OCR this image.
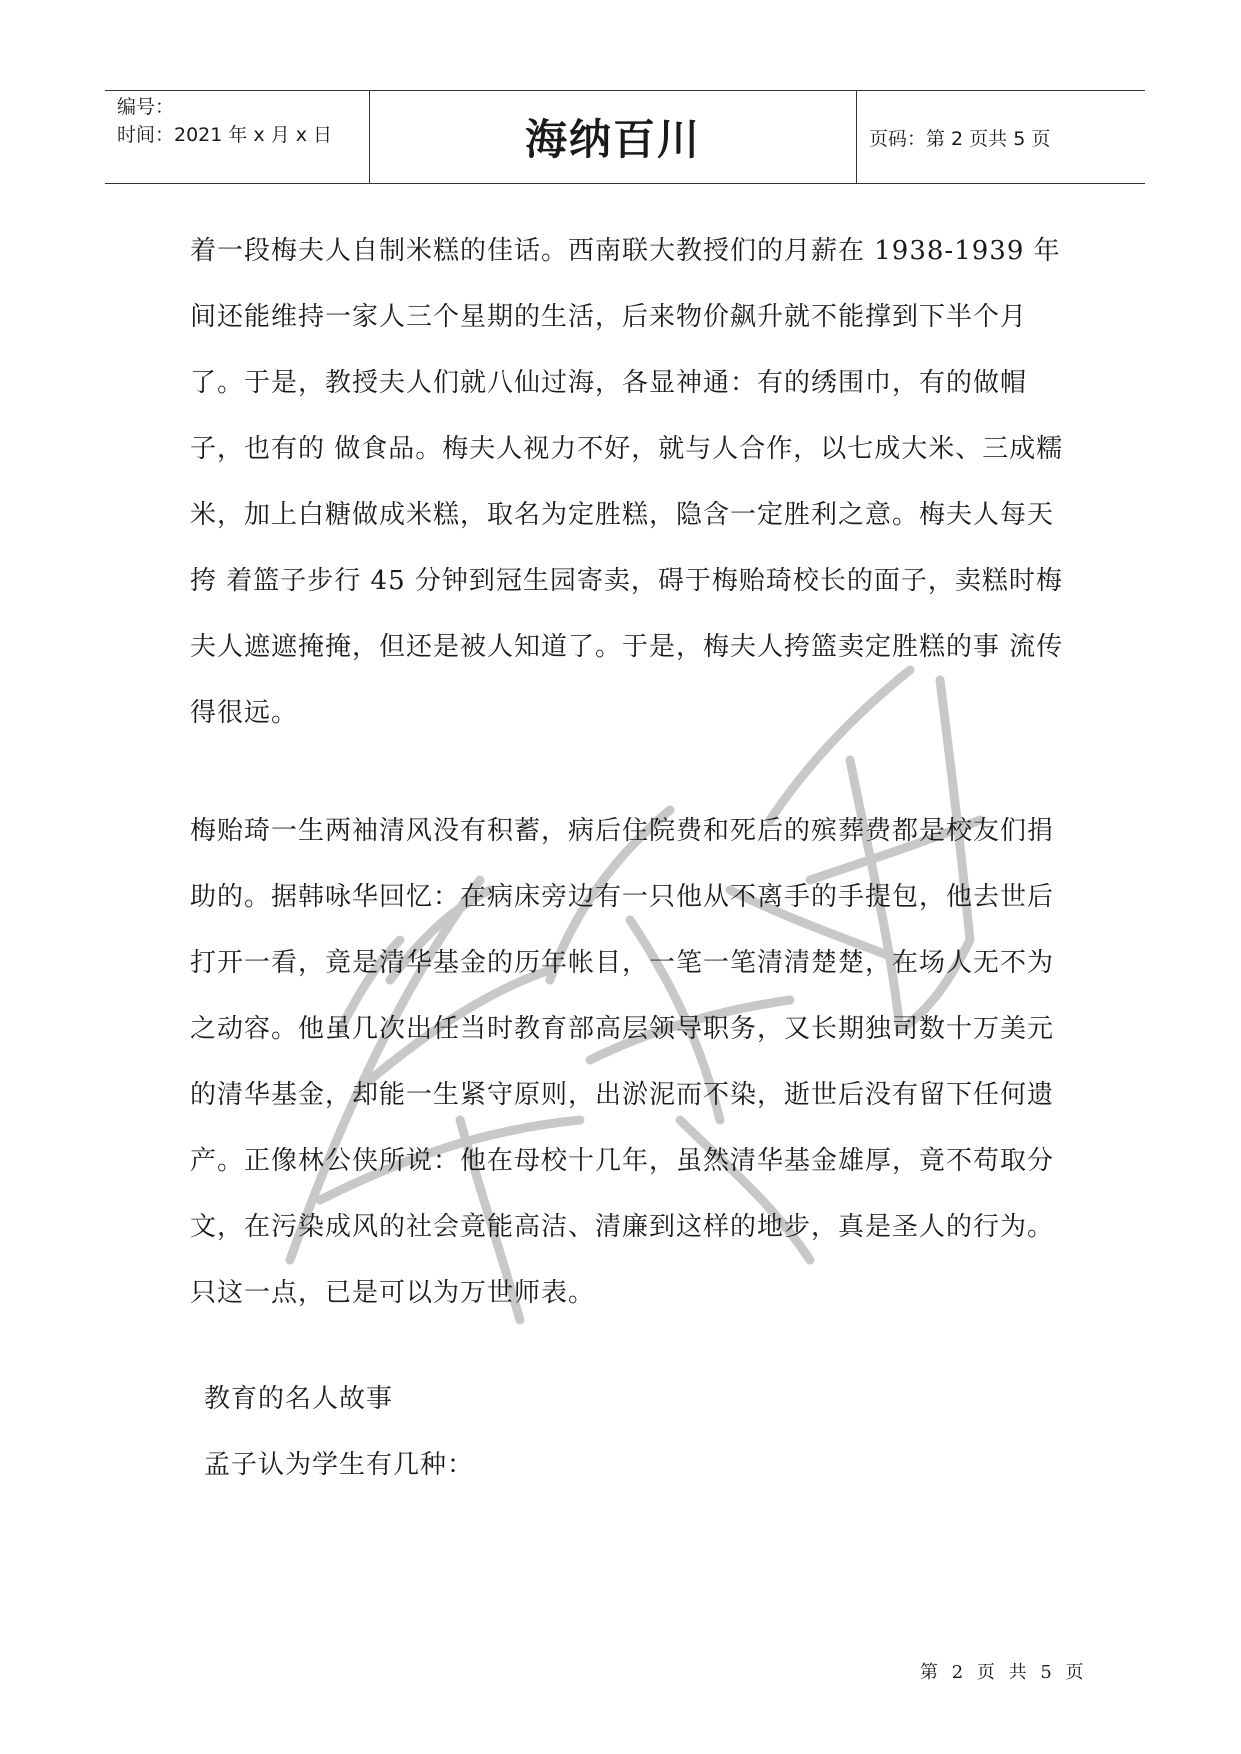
编号：
时间：2021 年 x 月 x 日	海纳百川	页码：第 2 页共 5 页

着一段梅夫人自制米糕的佳话。西南联大教授们的月薪在 1938-1939 年间还能维持一家人三个星期的生活，后来物价飙升就不能撑到下半个月了。于是，教授夫人们就八仙过海，各显神通：有的绣围巾，有的做帽子，也有的 做食品。梅夫人视力不好，就与人合作，以七成大米、三成糯米，加上白糖做成米糕，取名为定胜糕，隐含一定胜利之意。梅夫人每天挎 着篮子步行 45 分钟到冠生园寄卖，碍于梅贻琦校长的面子，卖糕时梅夫人遮遮掩掩，但还是被人知道了。于是，梅夫人挎篮卖定胜糕的事 流传得很远。

梅贻琦一生两袖清风没有积蓄，病后住院费和死后的殡葬费都是校友们捐助的。据韩咏华回忆：在病床旁边有一只他从不离手的手提包，他去世后打开一看，竟是清华基金的历年帐目，一笔一笔清清楚楚，在场人无不为之动容。他虽几次出任当时教育部高层领导职务，又长期独司数十万美元的清华基金，却能一生紧守原则，出淤泥而不染，逝世后没有留下任何遗产。正像林公侠所说：他在母校十几年，虽然清华基金雄厚，竟不苟取分文，在污染成风的社会竟能高洁、清廉到这样的地步，真是圣人的行为。只这一点，已是可以为万世师表。

教育的名人故事

孟子认为学生有几种：

第 2 页 共 5 页
